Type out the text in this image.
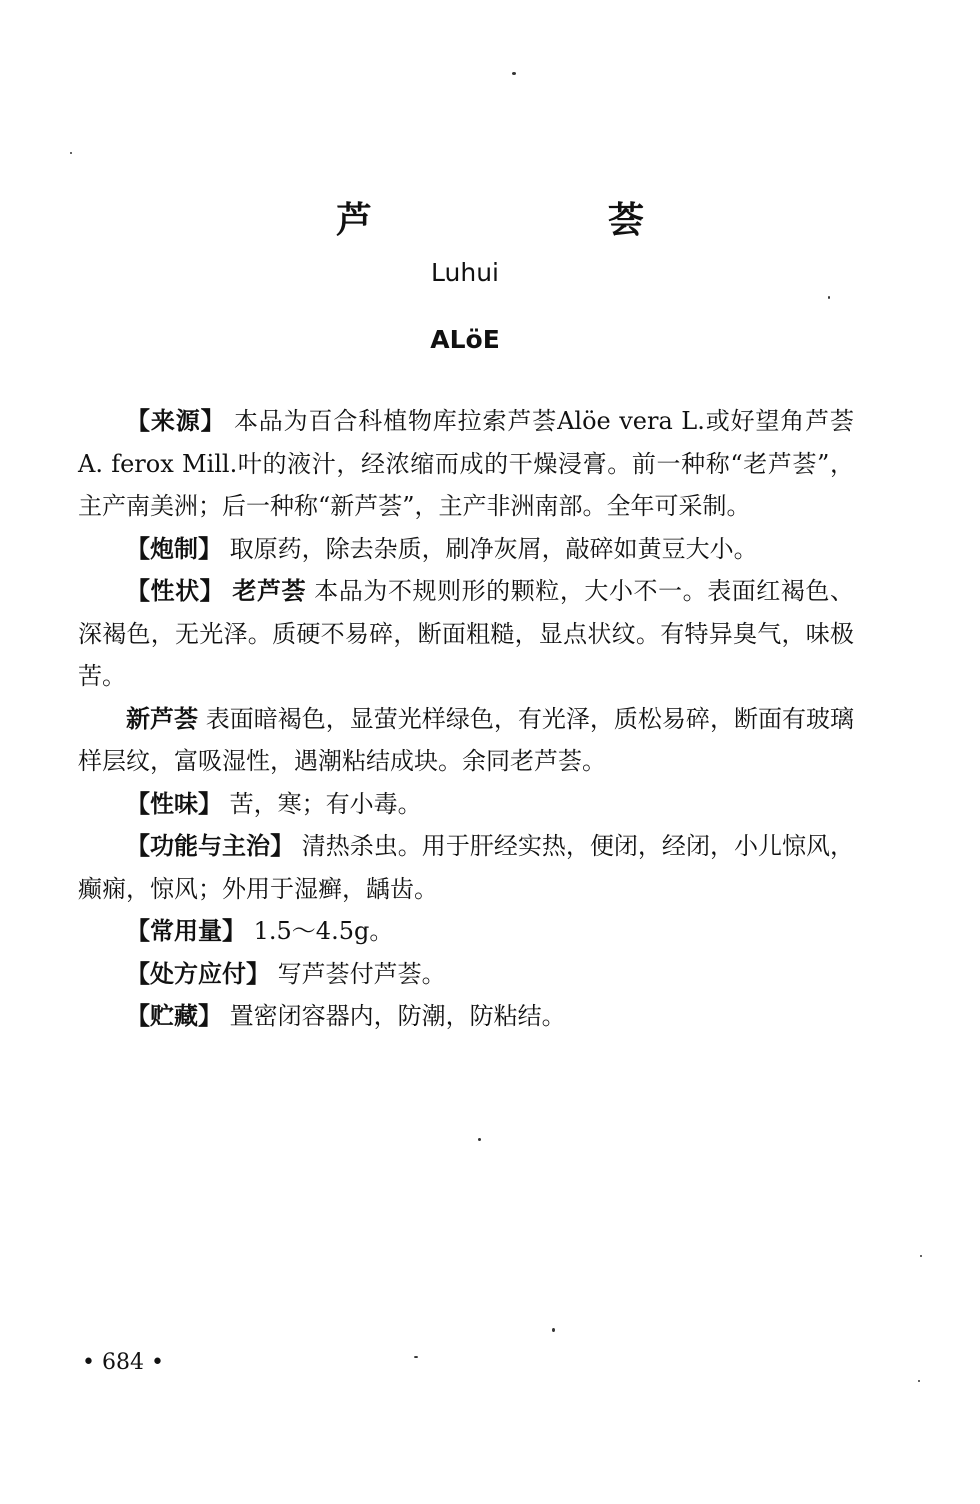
芦　荟
Luhui
ALöE

【来源】 本品为百合科植物库拉索芦荟Alöe vera L.或好望角芦荟 A. ferox Mill.叶的液汁，经浓缩而成的干燥浸膏。前一种称“老芦荟”，主产南美洲；后一种称“新芦荟”，主产非洲南部。全年可采制。

【炮制】 取原药，除去杂质，刷净灰屑，敲碎如黄豆大小。

【性状】 老芦荟 本品为不规则形的颗粒，大小不一。表面红褐色、深褐色，无光泽。质硬不易碎，断面粗糙，显点状纹。有特异臭气，味极苦。

新芦荟 表面暗褐色，显萤光样绿色，有光泽，质松易碎，断面有玻璃样层纹，富吸湿性，遇潮粘结成块。余同老芦荟。

【性味】 苦，寒；有小毒。

【功能与主治】 清热杀虫。用于肝经实热，便闭，经闭，小儿惊风，癫痫，惊风；外用于湿癣，龋齿。

【常用量】 1.5～4.5g。

【处方应付】 写芦荟付芦荟。

【贮藏】 置密闭容器内，防潮，防粘结。

• 684 •
